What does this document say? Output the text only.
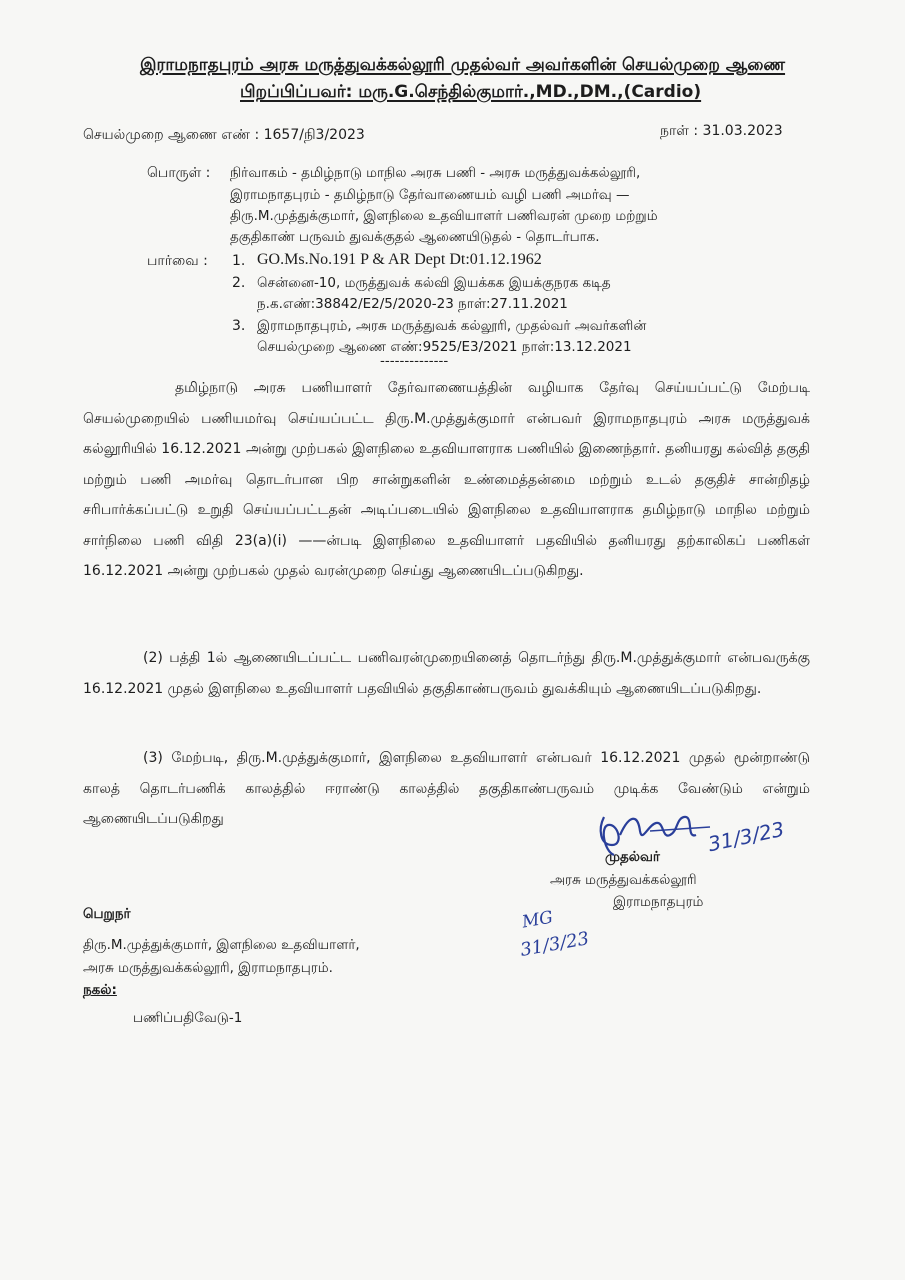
இராமநாதபுரம் அரசு மருத்துவக்கல்லூரி முதல்வர் அவர்களின் செயல்முறை ஆணை
பிறப்பிப்பவர்: மரு.G.செந்தில்குமார்.,MD.,DM.,(Cardio)
செயல்முறை ஆணை எண் : 1657/நி3/2023	நாள் : 31.03.2023
பொருள் : நிர்வாகம் - தமிழ்நாடு மாநில அரசு பணி - அரசு மருத்துவக்கல்லூரி,
இராமநாதபுரம் - தமிழ்நாடு தேர்வாணையம் வழி பணி அமர்வு —
திரு.M.முத்துக்குமார், இளநிலை உதவியாளர் பணிவரன் முறை மற்றும்
தகுதிகாண் பருவம் துவக்குதல் ஆணையிடுதல் - தொடர்பாக.
பார்வை : 1. GO.Ms.No.191 P & AR Dept Dt:01.12.1962
2. சென்னை-10, மருத்துவக் கல்வி இயக்கக இயக்குநரக கடித
ந.க.எண்:38842/E2/5/2020-23 நாள்:27.11.2021
3. இராமநாதபுரம், அரசு மருத்துவக் கல்லூரி, முதல்வர் அவர்களின்
செயல்முறை ஆணை எண்:9525/E3/2021 நாள்:13.12.2021
--------------
தமிழ்நாடு அரசு பணியாளர் தேர்வாணையத்தின் வழியாக தேர்வு செய்யப்பட்டு மேற்படி செயல்முறையில் பணியமர்வு செய்யப்பட்ட திரு.M.முத்துக்குமார் என்பவர் இராமநாதபுரம் அரசு மருத்துவக் கல்லூரியில் 16.12.2021 அன்று முற்பகல் இளநிலை உதவியாளராக பணியில் இணைந்தார். தனியரது கல்வித் தகுதி மற்றும் பணி அமர்வு தொடர்பான பிற சான்றுகளின் உண்மைத்தன்மை மற்றும் உடல் தகுதிச் சான்றிதழ் சரிபார்க்கப்பட்டு உறுதி செய்யப்பட்டதன் அடிப்படையில் இளநிலை உதவியாளராக தமிழ்நாடு மாநில மற்றும் சார்நிலை பணி விதி 23(a)(i) ——ன்படி இளநிலை உதவியாளர் பதவியில் தனியரது தற்காலிகப் பணிகள் 16.12.2021 அன்று முற்பகல் முதல் வரன்முறை செய்து ஆணையிடப்படுகிறது.
(2) பத்தி 1ல் ஆணையிடப்பட்ட பணிவரன்முறையினைத் தொடர்ந்து திரு.M.முத்துக்குமார் என்பவருக்கு 16.12.2021 முதல் இளநிலை உதவியாளர் பதவியில் தகுதிகாண்பருவம் துவக்கியும் ஆணையிடப்படுகிறது.
(3) மேற்படி, திரு.M.முத்துக்குமார், இளநிலை உதவியாளர் என்பவர் 16.12.2021 முதல் மூன்றாண்டு காலத் தொடர்பணிக் காலத்தில் ஈராண்டு காலத்தில் தகுதிகாண்பருவம் முடிக்க வேண்டும் என்றும் ஆணையிடப்படுகிறது	31/3/23
முதல்வர்
அரசு மருத்துவக்கல்லூரி
இராமநாதபுரம்
MG
31/3/23
பெறுநர்
திரு.M.முத்துக்குமார், இளநிலை உதவியாளர்,
அரசு மருத்துவக்கல்லூரி, இராமநாதபுரம்.
நகல்:
பணிப்பதிவேடு-1
